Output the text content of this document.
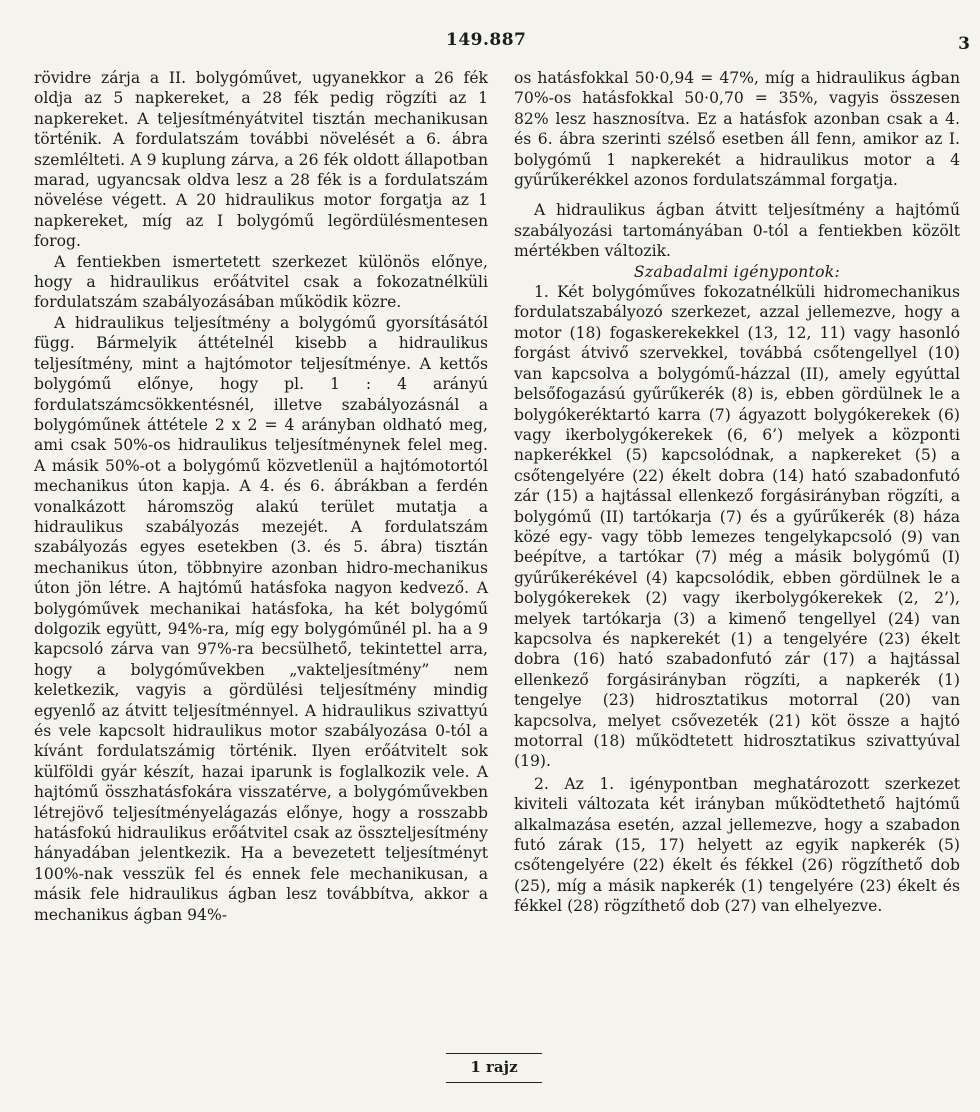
149.887	3

rövidre zárja a II. bolygóművet, ugyanekkor a 26 fék oldja az 5 napkereket, a 28 fék pedig rögzíti az 1 napkereket. A teljesítményátvitel tisztán mechanikusan történik. A fordulatszám további növelését a 6. ábra szemlélteti. A 9 kuplung zárva, a 26 fék oldott állapotban marad, ugyancsak oldva lesz a 28 fék is a fordulatszám növelése végett. A 20 hidraulikus motor forgatja az 1 napkereket, míg az I bolygómű legördülésmentesen forog.

A fentiekben ismertetett szerkezet különös előnye, hogy a hidraulikus erőátvitel csak a fokozatnélküli fordulatszám szabályozásában működik közre.

A hidraulikus teljesítmény a bolygómű gyorsításától függ. Bármelyik áttételnél kisebb a hidraulikus teljesítmény, mint a hajtómotor teljesítménye. A kettős bolygómű előnye, hogy pl. 1 : 4 arányú fordulatszámcsökkentésnél, illetve szabályozásnál a bolygóműnek áttétele 2 x 2 = 4 arányban oldható meg, ami csak 50%-os hidraulikus teljesítménynek felel meg. A másik 50%-ot a bolygómű közvetlenül a hajtómotortól mechanikus úton kapja. A 4. és 6. ábrákban a ferdén vonalkázott háromszög alakú terület mutatja a hidraulikus szabályozás mezejét. A fordulatszám szabályozás egyes esetekben (3. és 5. ábra) tisztán mechanikus úton, többnyire azonban hidro-mechanikus úton jön létre. A hajtómű hatásfoka nagyon kedvező. A bolygóművek mechanikai hatásfoka, ha két bolygómű dolgozik együtt, 94%-ra, míg egy bolygóműnél pl. ha a 9 kapcsoló zárva van 97%-ra becsülhető, tekintettel arra, hogy a bolygóművekben „vakteljesítmény” nem keletkezik, vagyis a gördülési teljesítmény mindig egyenlő az átvitt teljesítménnyel. A hidraulikus szivattyú és vele kapcsolt hidraulikus motor szabályozása 0-tól a kívánt fordulatszámig történik. Ilyen erőátvitelt sok külföldi gyár készít, hazai iparunk is foglalkozik vele. A hajtómű összhatásfokára visszatérve, a bolygóművekben létrejövő teljesítményelágazás előnye, hogy a rosszabb hatásfokú hidraulikus erőátvitel csak az összteljesítmény hányadában jelentkezik. Ha a bevezetett teljesítményt 100%-nak vesszük fel és ennek fele mechanikusan, a másik fele hidraulikus ágban lesz továbbítva, akkor a mechanikus ágban 94%-

os hatásfokkal 50·0,94 = 47%, míg a hidraulikus ágban 70%-os hatásfokkal 50·0,70 = 35%, vagyis összesen 82% lesz hasznosítva. Ez a hatásfok azonban csak a 4. és 6. ábra szerinti szélső esetben áll fenn, amikor az I. bolygómű 1 napkerekét a hidraulikus motor a 4 gyűrűkerékkel azonos fordulatszámmal forgatja.

A hidraulikus ágban átvitt teljesítmény a hajtómű szabályozási tartományában 0-tól a fentiekben közölt mértékben változik.

Szabadalmi igénypontok:

1. Két bolygóműves fokozatnélküli hidromechanikus fordulatszabályozó szerkezet, azzal jellemezve, hogy a motor (18) fogaskerekekkel (13, 12, 11) vagy hasonló forgást átvivő szervekkel, továbbá csőtengellyel (10) van kapcsolva a bolygómű-házzal (II), amely egyúttal belsőfogazású gyűrűkerék (8) is, ebben gördülnek le a bolygókeréktartó karra (7) ágyazott bolygókerekek (6) vagy ikerbolygókerekek (6, 6’) melyek a központi napkerékkel (5) kapcsolódnak, a napkereket (5) a csőtengelyére (22) ékelt dobra (14) ható szabadonfutó zár (15) a hajtással ellenkező forgásirányban rögzíti, a bolygómű (II) tartókarja (7) és a gyűrűkerék (8) háza közé egy- vagy több lemezes tengelykapcsoló (9) van beépítve, a tartókar (7) még a másik bolygómű (I) gyűrűkerékével (4) kapcsolódik, ebben gördülnek le a bolygókerekek (2) vagy ikerbolygókerekek (2, 2’), melyek tartókarja (3) a kimenő tengellyel (24) van kapcsolva és napkerekét (1) a tengelyére (23) ékelt dobra (16) ható szabadonfutó zár (17) a hajtással ellenkező forgásirányban rögzíti, a napkerék (1) tengelye (23) hidrosztatikus motorral (20) van kapcsolva, melyet csővezeték (21) köt össze a hajtó motorral (18) működtetett hidrosztatikus szivattyúval (19).

2. Az 1. igénypontban meghatározott szerkezet kiviteli változata két irányban működtethető hajtómű alkalmazása esetén, azzal jellemezve, hogy a szabadon futó zárak (15, 17) helyett az egyik napkerék (5) csőtengelyére (22) ékelt és fékkel (26) rögzíthető dob (25), míg a másik napkerék (1) tengelyére (23) ékelt és fékkel (28) rögzíthető dob (27) van elhelyezve.

1 rajz
